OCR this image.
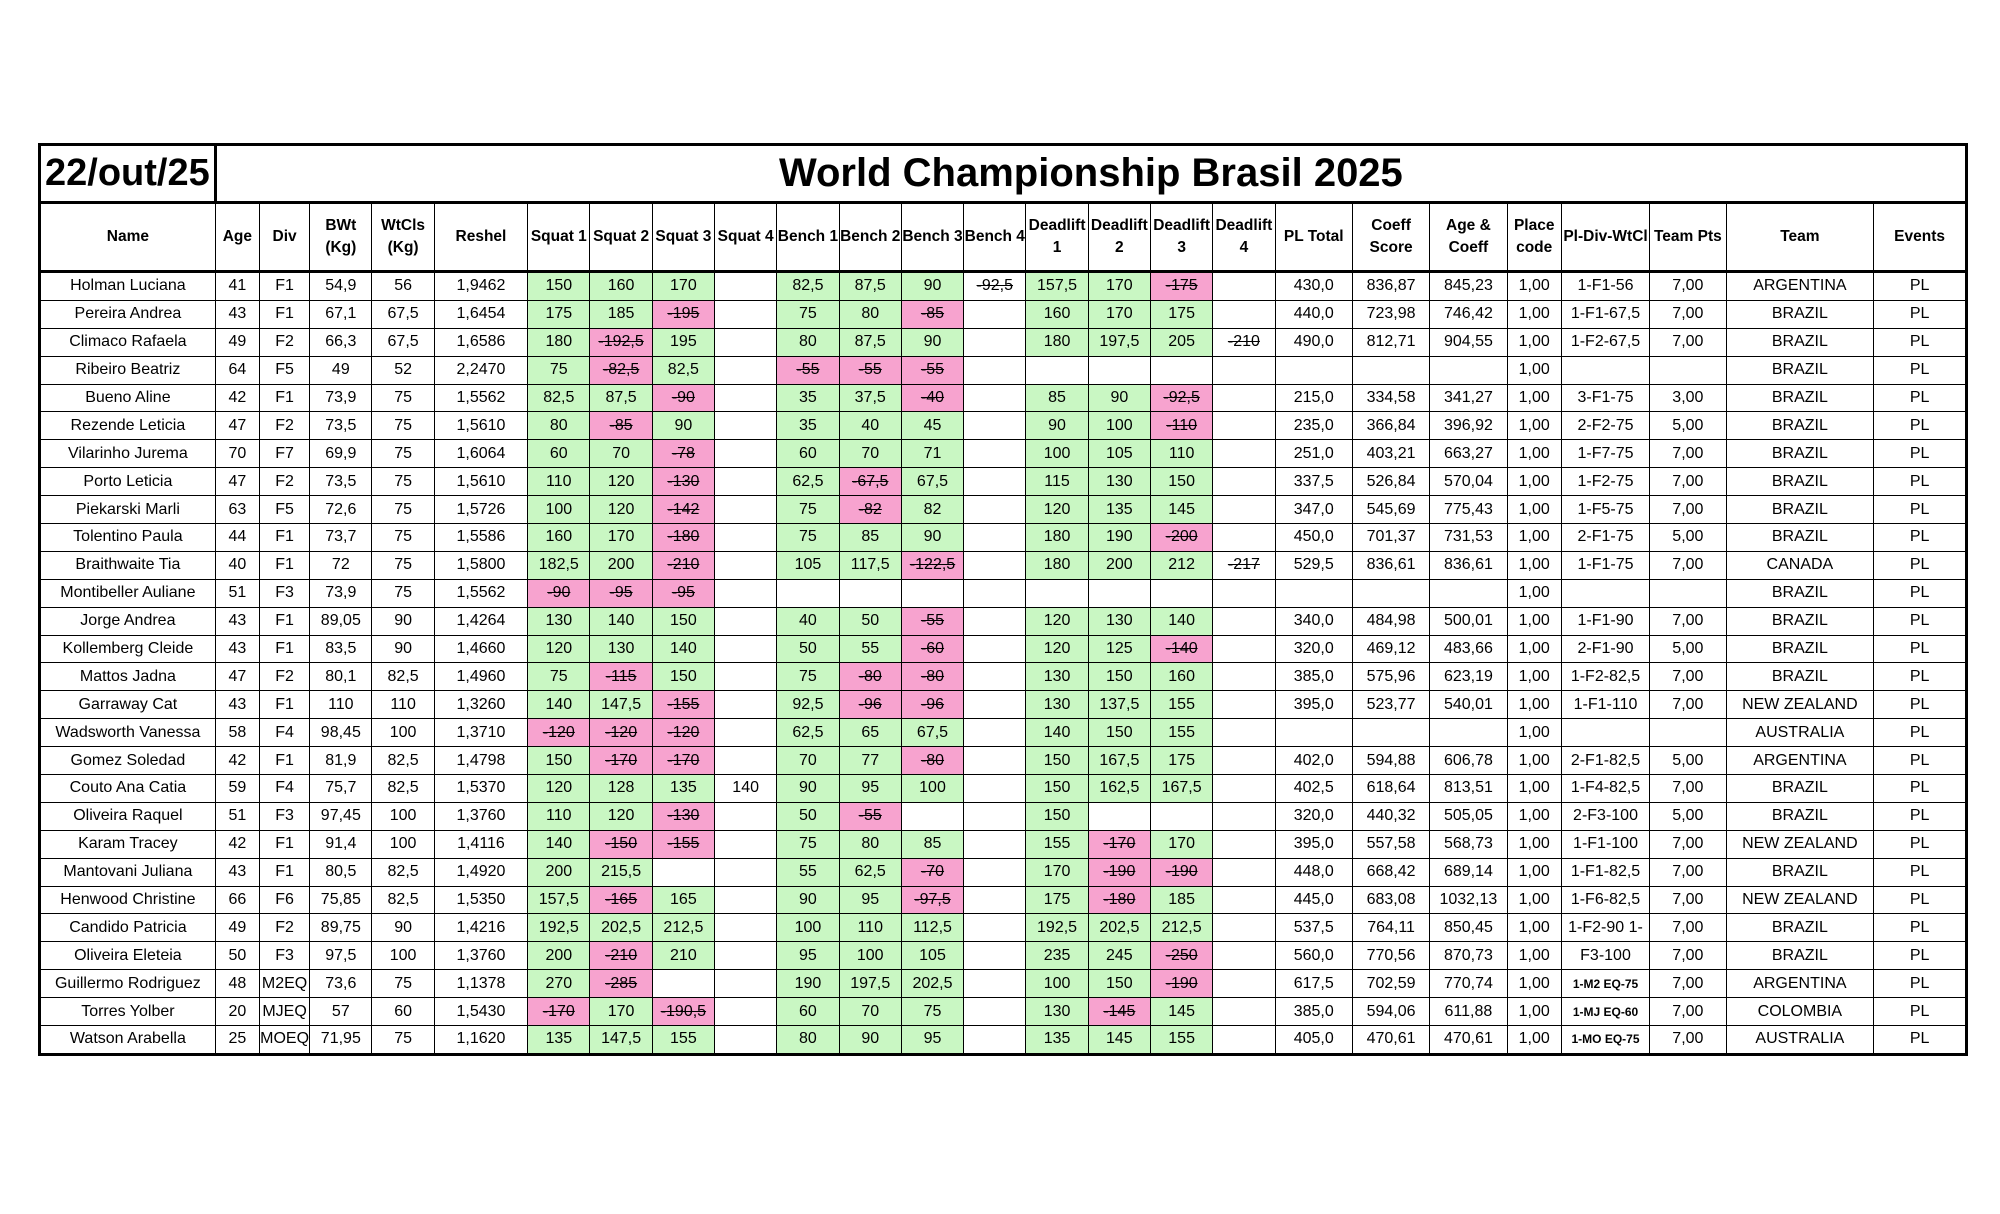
22/out/25	World Championship Brasil 2025																								
Name	Age	Div	BWt (Kg)	WtCls (Kg)	Reshel	Squat 1	Squat 2	Squat 3	Squat 4	Bench 1	Bench 2	Bench 3	Bench 4	Deadlift 1	Deadlift 2	Deadlift 3	Deadlift 4	PL Total	Coeff Score	Age & Coeff	Place code	Pl-Div-WtCl	Team Pts	Team	Events
Holman Luciana	41	F1	54,9	56	1,9462	150	160	170		82,5	87,5	90	-92,5	157,5	170	-175		430,0	836,87	845,23	1,00	1-F1-56	7,00	ARGENTINA	PL
Pereira Andrea	43	F1	67,1	67,5	1,6454	175	185	-195		75	80	-85		160	170	175		440,0	723,98	746,42	1,00	1-F1-67,5	7,00	BRAZIL	PL
Climaco Rafaela	49	F2	66,3	67,5	1,6586	180	-192,5	195		80	87,5	90		180	197,5	205	-210	490,0	812,71	904,55	1,00	1-F2-67,5	7,00	BRAZIL	PL
Ribeiro Beatriz	64	F5	49	52	2,2470	75	-82,5	82,5		-55	-55	-55									1,00			BRAZIL	PL
Bueno Aline	42	F1	73,9	75	1,5562	82,5	87,5	-90		35	37,5	-40		85	90	-92,5		215,0	334,58	341,27	1,00	3-F1-75	3,00	BRAZIL	PL
Rezende Leticia	47	F2	73,5	75	1,5610	80	-85	90		35	40	45		90	100	-110		235,0	366,84	396,92	1,00	2-F2-75	5,00	BRAZIL	PL
Vilarinho Jurema	70	F7	69,9	75	1,6064	60	70	-78		60	70	71		100	105	110		251,0	403,21	663,27	1,00	1-F7-75	7,00	BRAZIL	PL
Porto Leticia	47	F2	73,5	75	1,5610	110	120	-130		62,5	-67,5	67,5		115	130	150		337,5	526,84	570,04	1,00	1-F2-75	7,00	BRAZIL	PL
Piekarski Marli	63	F5	72,6	75	1,5726	100	120	-142		75	-82	82		120	135	145		347,0	545,69	775,43	1,00	1-F5-75	7,00	BRAZIL	PL
Tolentino Paula	44	F1	73,7	75	1,5586	160	170	-180		75	85	90		180	190	-200		450,0	701,37	731,53	1,00	2-F1-75	5,00	BRAZIL	PL
Braithwaite Tia	40	F1	72	75	1,5800	182,5	200	-210		105	117,5	-122,5		180	200	212	-217	529,5	836,61	836,61	1,00	1-F1-75	7,00	CANADA	PL
Montibeller Auliane	51	F3	73,9	75	1,5562	-90	-95	-95													1,00			BRAZIL	PL
Jorge Andrea	43	F1	89,05	90	1,4264	130	140	150		40	50	-55		120	130	140		340,0	484,98	500,01	1,00	1-F1-90	7,00	BRAZIL	PL
Kollemberg Cleide	43	F1	83,5	90	1,4660	120	130	140		50	55	-60		120	125	-140		320,0	469,12	483,66	1,00	2-F1-90	5,00	BRAZIL	PL
Mattos Jadna	47	F2	80,1	82,5	1,4960	75	-115	150		75	-80	-80		130	150	160		385,0	575,96	623,19	1,00	1-F2-82,5	7,00	BRAZIL	PL
Garraway Cat	43	F1	110	110	1,3260	140	147,5	-155		92,5	-96	-96		130	137,5	155		395,0	523,77	540,01	1,00	1-F1-110	7,00	NEW ZEALAND	PL
Wadsworth Vanessa	58	F4	98,45	100	1,3710	-120	-120	-120		62,5	65	67,5		140	150	155					1,00			AUSTRALIA	PL
Gomez Soledad	42	F1	81,9	82,5	1,4798	150	-170	-170		70	77	-80		150	167,5	175		402,0	594,88	606,78	1,00	2-F1-82,5	5,00	ARGENTINA	PL
Couto Ana Catia	59	F4	75,7	82,5	1,5370	120	128	135	140	90	95	100		150	162,5	167,5		402,5	618,64	813,51	1,00	1-F4-82,5	7,00	BRAZIL	PL
Oliveira Raquel	51	F3	97,45	100	1,3760	110	120	-130		50	-55			150				320,0	440,32	505,05	1,00	2-F3-100	5,00	BRAZIL	PL
Karam Tracey	42	F1	91,4	100	1,4116	140	-150	-155		75	80	85		155	-170	170		395,0	557,58	568,73	1,00	1-F1-100	7,00	NEW ZEALAND	PL
Mantovani Juliana	43	F1	80,5	82,5	1,4920	200	215,5			55	62,5	-70		170	-190	-190		448,0	668,42	689,14	1,00	1-F1-82,5	7,00	BRAZIL	PL
Henwood Christine	66	F6	75,85	82,5	1,5350	157,5	-165	165		90	95	-97,5		175	-180	185		445,0	683,08	1032,13	1,00	1-F6-82,5	7,00	NEW ZEALAND	PL
Candido Patricia	49	F2	89,75	90	1,4216	192,5	202,5	212,5		100	110	112,5		192,5	202,5	212,5		537,5	764,11	850,45	1,00	1-F2-90 1-	7,00	BRAZIL	PL
Oliveira Eleteia	50	F3	97,5	100	1,3760	200	-210	210		95	100	105		235	245	-250		560,0	770,56	870,73	1,00	F3-100	7,00	BRAZIL	PL
Guillermo Rodriguez	48	M2EQ	73,6	75	1,1378	270	-285			190	197,5	202,5		100	150	-190		617,5	702,59	770,74	1,00	1-M2 EQ-75	7,00	ARGENTINA	PL
Torres Yolber	20	MJEQ	57	60	1,5430	-170	170	-190,5		60	70	75		130	-145	145		385,0	594,06	611,88	1,00	1-MJ EQ-60	7,00	COLOMBIA	PL
Watson Arabella	25	MOEQ	71,95	75	1,1620	135	147,5	155		80	90	95		135	145	155		405,0	470,61	470,61	1,00	1-MO EQ-75	7,00	AUSTRALIA	PL
